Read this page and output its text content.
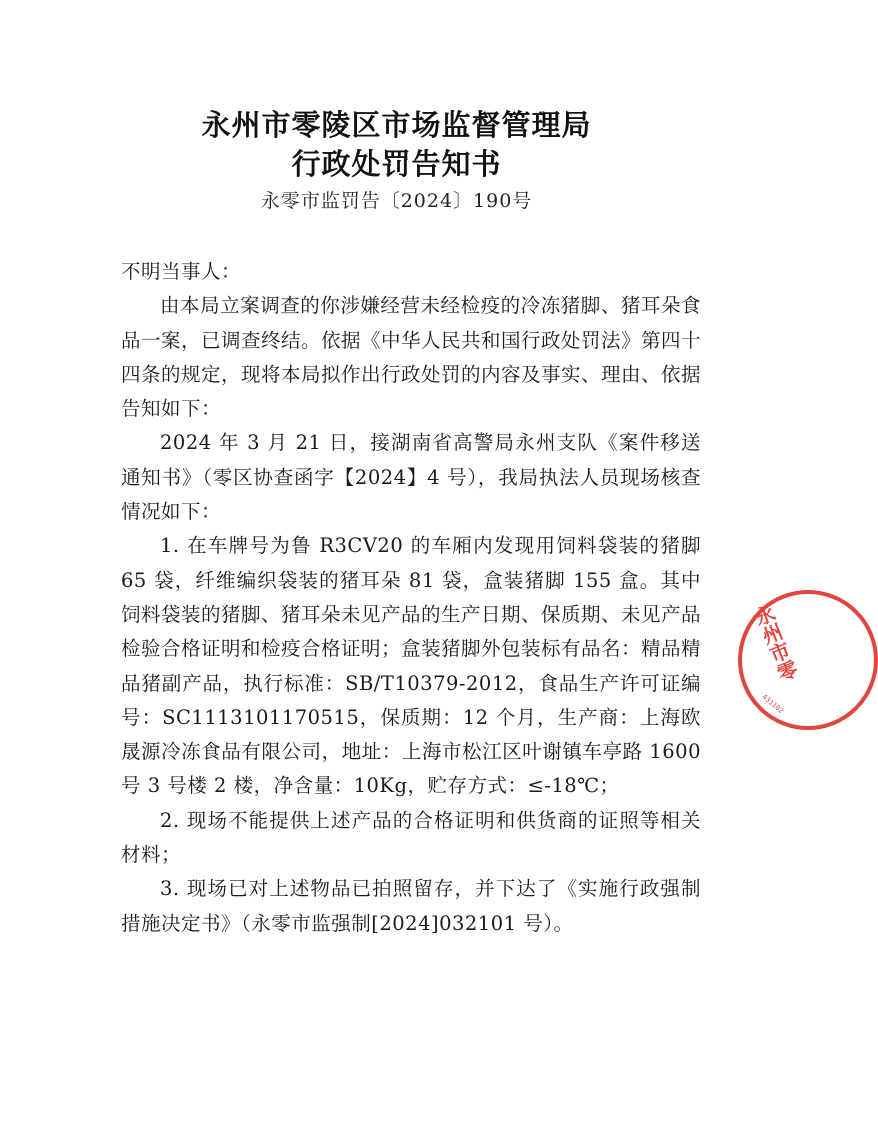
永州市零陵区市场监督管理局
行政处罚告知书
永零市监罚告〔2024〕190号

不明当事人：

由本局立案调查的你涉嫌经营未经检疫的冷冻猪脚、猪耳朵食品一案，已调查终结。依据《中华人民共和国行政处罚法》第四十四条的规定，现将本局拟作出行政处罚的内容及事实、理由、依据告知如下：

2024 年 3 月 21 日，接湖南省高警局永州支队《案件移送通知书》（零区协查函字【2024】4 号），我局执法人员现场核查情况如下：

1. 在车牌号为鲁 R3CV20 的车厢内发现用饲料袋装的猪脚 65 袋，纤维编织袋装的猪耳朵 81 袋，盒装猪脚 155 盒。其中饲料袋装的猪脚、猪耳朵未见产品的生产日期、保质期、未见产品检验合格证明和检疫合格证明；盒装猪脚外包装标有品名：精品精品猪副产品，执行标准：SB/T10379-2012，食品生产许可证编号：SC1113101170515，保质期：12 个月，生产商：上海欧晟源冷冻食品有限公司，地址：上海市松江区叶谢镇车亭路 1600 号 3 号楼 2 楼，净含量：10Kg，贮存方式：≤-18℃；

2. 现场不能提供上述产品的合格证明和供货商的证照等相关材料；

3. 现场已对上述物品已拍照留存，并下达了《实施行政强制措施决定书》（永零市监强制[2024]032101 号）。

永州市零
431102
